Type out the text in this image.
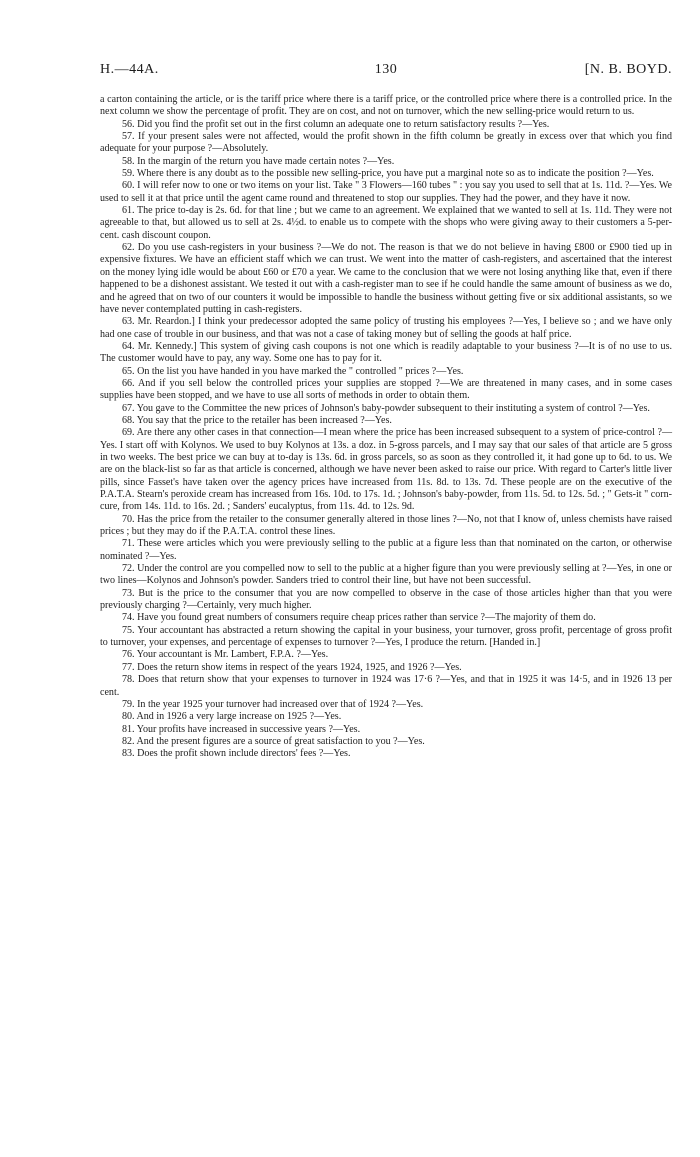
H.—44A.	130	[N. B. BOYD.

a carton containing the article, or is the tariff price where there is a tariff price, or the controlled price where there is a controlled price. In the next column we show the percentage of profit. They are on cost, and not on turnover, which the new selling-price would return to us.

56. Did you find the profit set out in the first column an adequate one to return satisfactory results ?—Yes.

57. If your present sales were not affected, would the profit shown in the fifth column be greatly in excess over that which you find adequate for your purpose ?—Absolutely.

58. In the margin of the return you have made certain notes ?—Yes.

59. Where there is any doubt as to the possible new selling-price, you have put a marginal note so as to indicate the position ?—Yes.

60. I will refer now to one or two items on your list. Take " 3 Flowers—160 tubes " : you say you used to sell that at 1s. 11d. ?—Yes. We used to sell it at that price until the agent came round and threatened to stop our supplies. They had the power, and they have it now.

61. The price to-day is 2s. 6d. for that line ; but we came to an agreement. We explained that we wanted to sell at 1s. 11d. They were not agreeable to that, but allowed us to sell at 2s. 4½d. to enable us to compete with the shops who were giving away to their customers a 5-per-cent. cash discount coupon.

62. Do you use cash-registers in your business ?—We do not. The reason is that we do not believe in having £800 or £900 tied up in expensive fixtures. We have an efficient staff which we can trust. We went into the matter of cash-registers, and ascertained that the interest on the money lying idle would be about £60 or £70 a year. We came to the conclusion that we were not losing anything like that, even if there happened to be a dishonest assistant. We tested it out with a cash-register man to see if he could handle the same amount of business as we do, and he agreed that on two of our counters it would be impossible to handle the business without getting five or six additional assistants, so we have never contemplated putting in cash-registers.

63. Mr. Reardon.] I think your predecessor adopted the same policy of trusting his employees ?—Yes, I believe so ; and we have only had one case of trouble in our business, and that was not a case of taking money but of selling the goods at half price.

64. Mr. Kennedy.] This system of giving cash coupons is not one which is readily adaptable to your business ?—It is of no use to us. The customer would have to pay, any way. Some one has to pay for it.

65. On the list you have handed in you have marked the " controlled " prices ?—Yes.

66. And if you sell below the controlled prices your supplies are stopped ?—We are threatened in many cases, and in some cases supplies have been stopped, and we have to use all sorts of methods in order to obtain them.

67. You gave to the Committee the new prices of Johnson's baby-powder subsequent to their instituting a system of control ?—Yes.

68. You say that the price to the retailer has been increased ?—Yes.

69. Are there any other cases in that connection—I mean where the price has been increased subsequent to a system of price-control ?—Yes. I start off with Kolynos. We used to buy Kolynos at 13s. a doz. in 5-gross parcels, and I may say that our sales of that article are 5 gross in two weeks. The best price we can buy at to-day is 13s. 6d. in gross parcels, so as soon as they controlled it, it had gone up to 6d. to us. We are on the black-list so far as that article is concerned, although we have never been asked to raise our price. With regard to Carter's little liver pills, since Fasset's have taken over the agency prices have increased from 11s. 8d. to 13s. 7d. These people are on the executive of the P.A.T.A. Stearn's peroxide cream has increased from 16s. 10d. to 17s. 1d. ; Johnson's baby-powder, from 11s. 5d. to 12s. 5d. ; " Gets-it " corn-cure, from 14s. 11d. to 16s. 2d. ; Sanders' eucalyptus, from 11s. 4d. to 12s. 9d.

70. Has the price from the retailer to the consumer generally altered in those lines ?—No, not that I know of, unless chemists have raised prices ; but they may do if the P.A.T.A. control these lines.

71. These were articles which you were previously selling to the public at a figure less than that nominated on the carton, or otherwise nominated ?—Yes.

72. Under the control are you compelled now to sell to the public at a higher figure than you were previously selling at ?—Yes, in one or two lines—Kolynos and Johnson's powder. Sanders tried to control their line, but have not been successful.

73. But is the price to the consumer that you are now compelled to observe in the case of those articles higher than that you were previously charging ?—Certainly, very much higher.

74. Have you found great numbers of consumers require cheap prices rather than service ?—The majority of them do.

75. Your accountant has abstracted a return showing the capital in your business, your turnover, gross profit, percentage of gross profit to turnover, your expenses, and percentage of expenses to turnover ?—Yes, I produce the return. [Handed in.]

76. Your accountant is Mr. Lambert, F.P.A. ?—Yes.

77. Does the return show items in respect of the years 1924, 1925, and 1926 ?—Yes.

78. Does that return show that your expenses to turnover in 1924 was 17·6 ?—Yes, and that in 1925 it was 14·5, and in 1926 13 per cent.

79. In the year 1925 your turnover had increased over that of 1924 ?—Yes.

80. And in 1926 a very large increase on 1925 ?—Yes.

81. Your profits have increased in successive years ?—Yes.

82. And the present figures are a source of great satisfaction to you ?—Yes.

83. Does the profit shown include directors' fees ?—Yes.
